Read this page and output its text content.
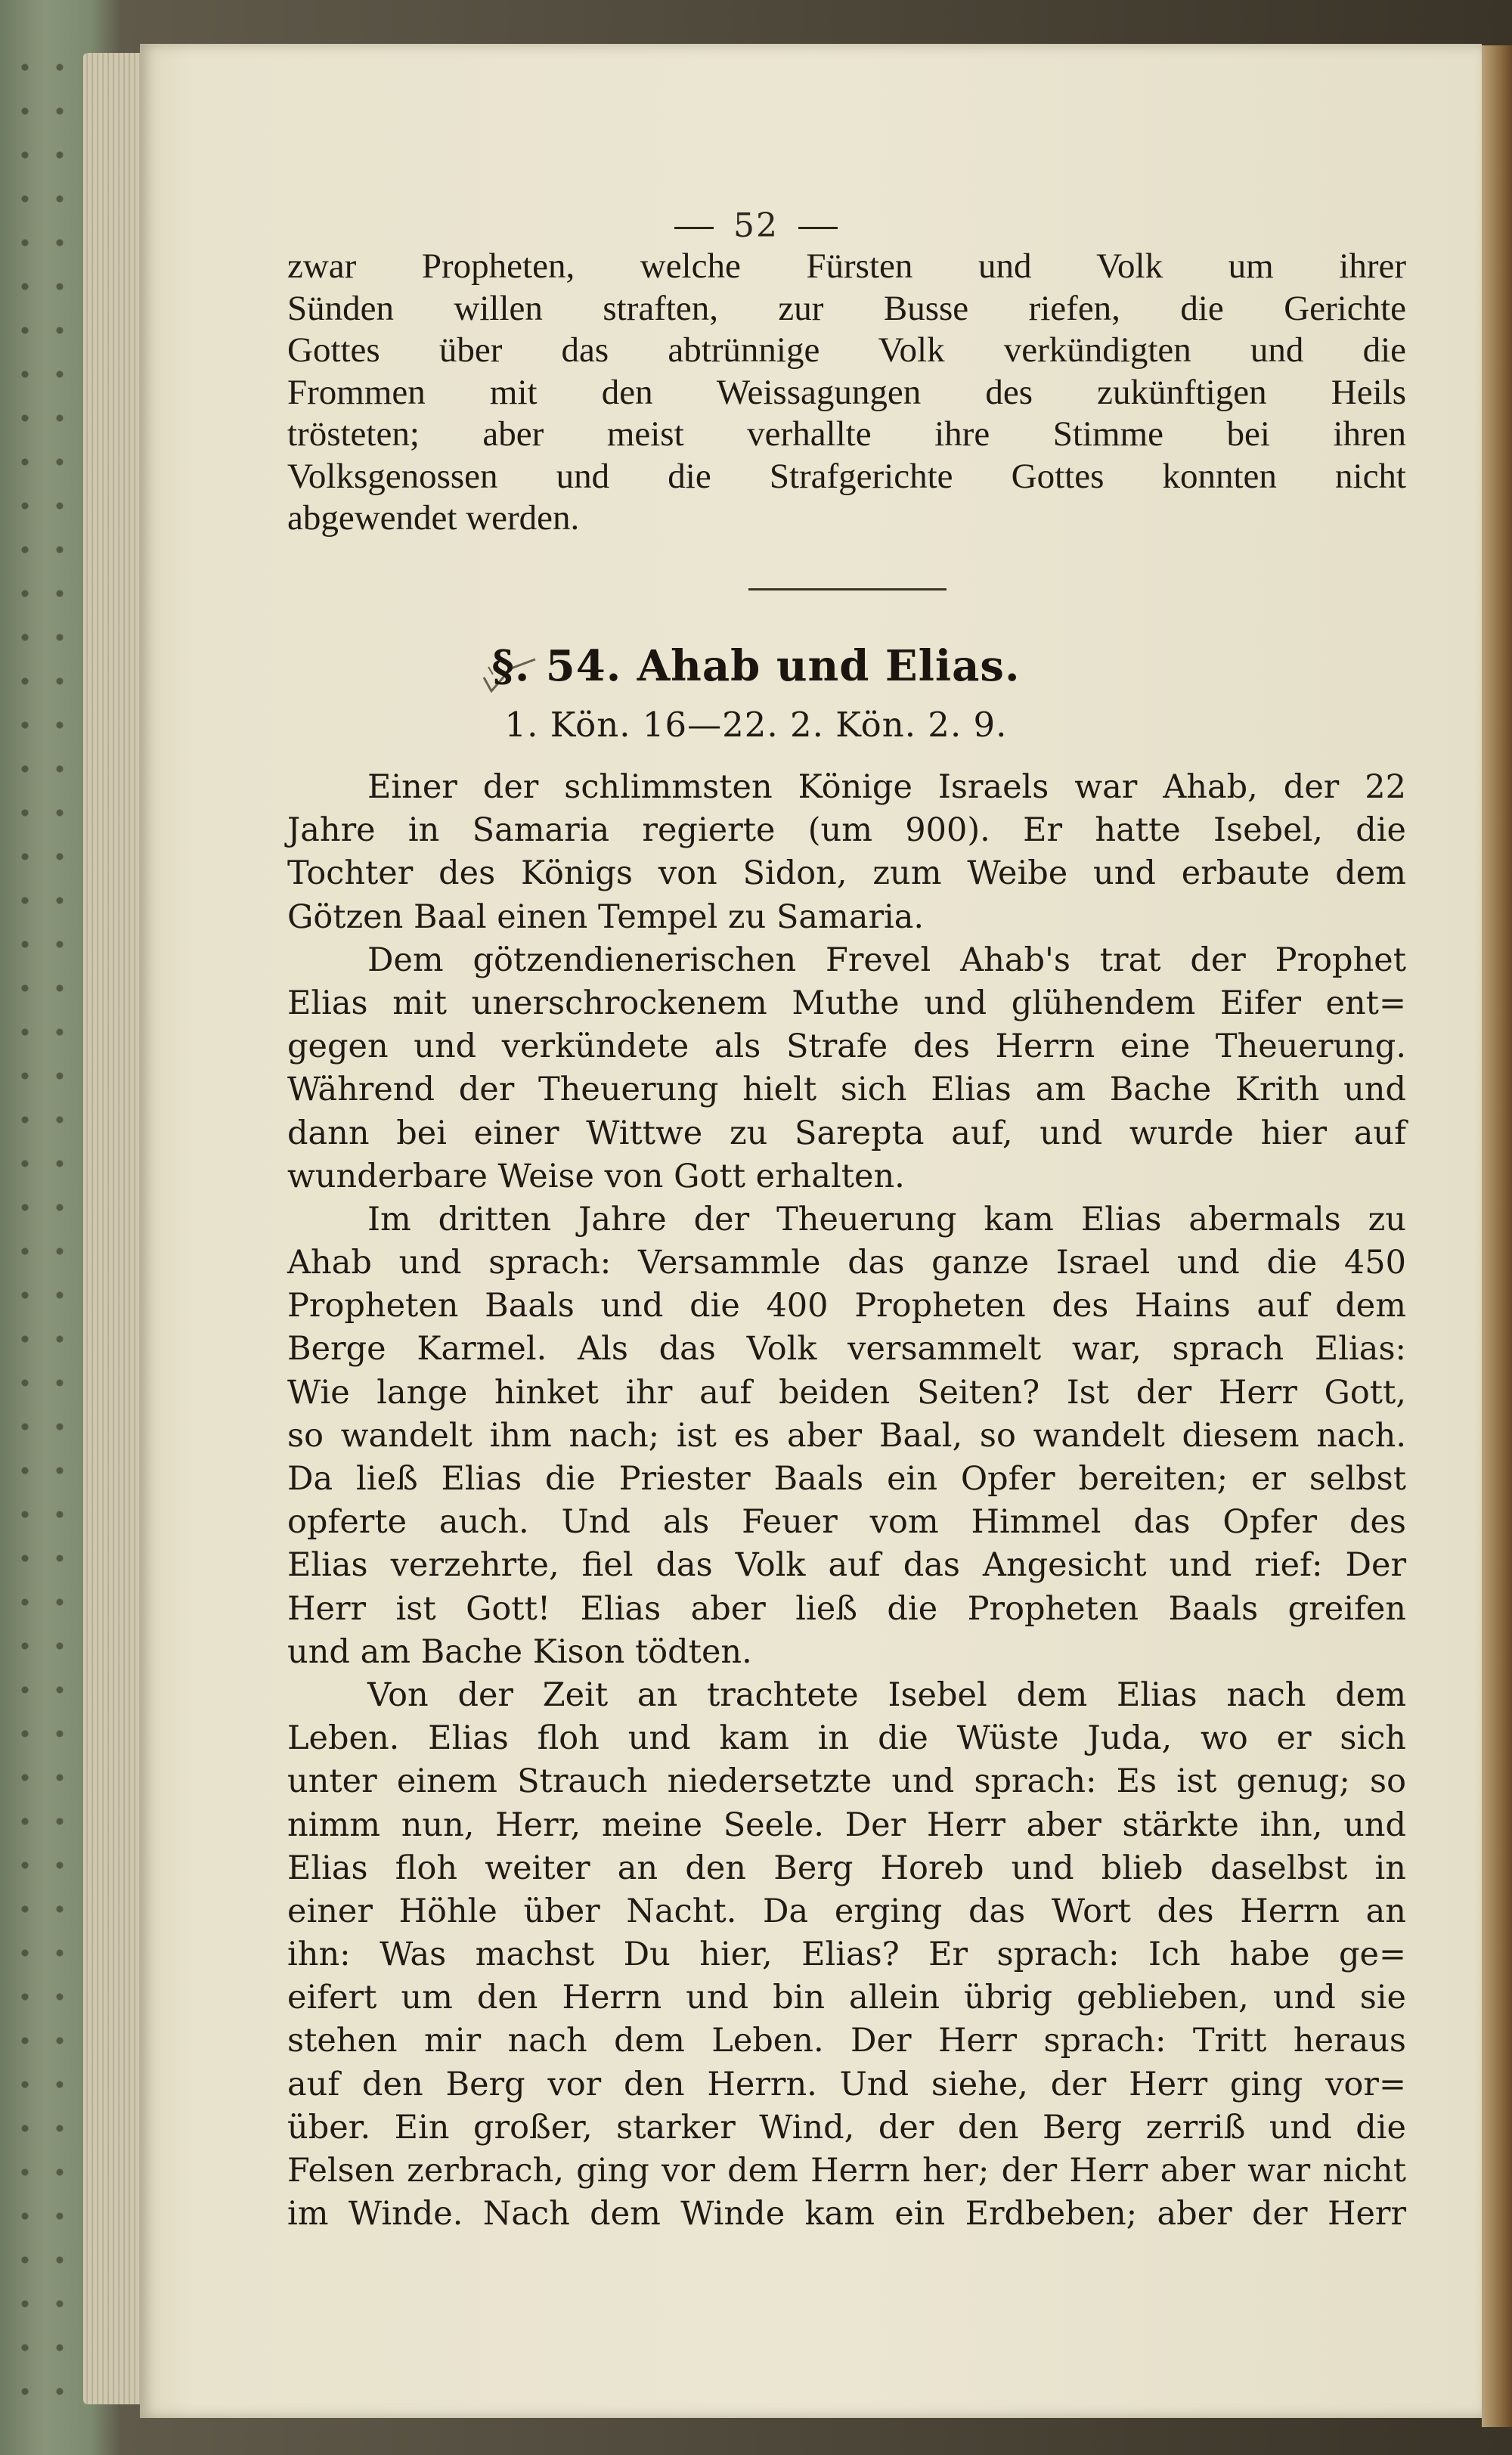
52
zwar Propheten, welche Fürsten und Volk um ihrer
Sünden willen straften, zur Busse riefen, die Gerichte
Gottes über das abtrünnige Volk verkündigten und die
Frommen mit den Weissagungen des zukünftigen Heils
trösteten; aber meist verhallte ihre Stimme bei ihren
Volksgenossen und die Strafgerichte Gottes konnten nicht
abgewendet werden.
§. 54. Ahab und Elias.
1. Kön. 16—22. 2. Kön. 2. 9.
Einer der schlimmsten Könige Israels war Ahab, der 22
Jahre in Samaria regierte (um 900). Er hatte Isebel, die
Tochter des Königs von Sidon, zum Weibe und erbaute dem
Götzen Baal einen Tempel zu Samaria.
Dem götzendienerischen Frevel Ahab's trat der Prophet
Elias mit unerschrockenem Muthe und glühendem Eifer ent=
gegen und verkündete als Strafe des Herrn eine Theuerung.
Während der Theuerung hielt sich Elias am Bache Krith und
dann bei einer Wittwe zu Sarepta auf, und wurde hier auf
wunderbare Weise von Gott erhalten.
Im dritten Jahre der Theuerung kam Elias abermals zu
Ahab und sprach: Versammle das ganze Israel und die 450
Propheten Baals und die 400 Propheten des Hains auf dem
Berge Karmel. Als das Volk versammelt war, sprach Elias:
Wie lange hinket ihr auf beiden Seiten? Ist der Herr Gott,
so wandelt ihm nach; ist es aber Baal, so wandelt diesem nach.
Da ließ Elias die Priester Baals ein Opfer bereiten; er selbst
opferte auch. Und als Feuer vom Himmel das Opfer des
Elias verzehrte, fiel das Volk auf das Angesicht und rief: Der
Herr ist Gott! Elias aber ließ die Propheten Baals greifen
und am Bache Kison tödten.
Von der Zeit an trachtete Isebel dem Elias nach dem
Leben. Elias floh und kam in die Wüste Juda, wo er sich
unter einem Strauch niedersetzte und sprach: Es ist genug; so
nimm nun, Herr, meine Seele. Der Herr aber stärkte ihn, und
Elias floh weiter an den Berg Horeb und blieb daselbst in
einer Höhle über Nacht. Da erging das Wort des Herrn an
ihn: Was machst Du hier, Elias? Er sprach: Ich habe ge=
eifert um den Herrn und bin allein übrig geblieben, und sie
stehen mir nach dem Leben. Der Herr sprach: Tritt heraus
auf den Berg vor den Herrn. Und siehe, der Herr ging vor=
über. Ein großer, starker Wind, der den Berg zerriß und die
Felsen zerbrach, ging vor dem Herrn her; der Herr aber war nicht
im Winde. Nach dem Winde kam ein Erdbeben; aber der Herr
